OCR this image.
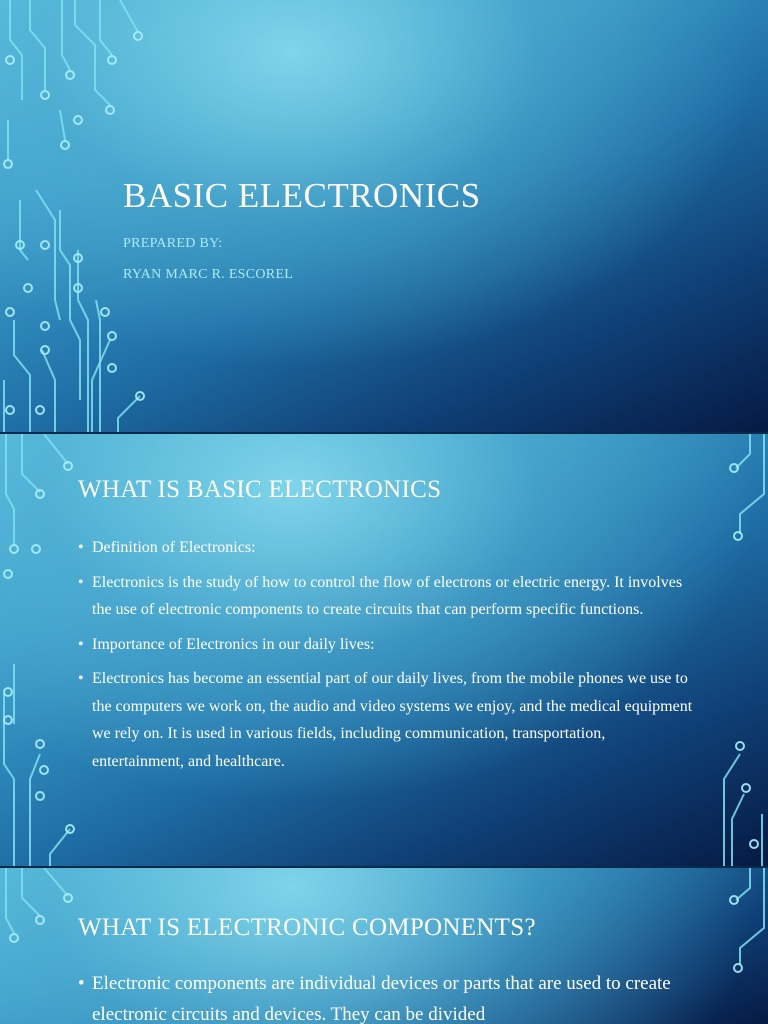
BASIC ELECTRONICS

PREPARED BY:

RYAN MARC R. ESCOREL

WHAT IS BASIC ELECTRONICS
• Definition of Electronics:
• Electronics is the study of how to control the flow of electrons or electric energy. It involves the use of electronic components to create circuits that can perform specific functions.
• Importance of Electronics in our daily lives:
• Electronics has become an essential part of our daily lives, from the mobile phones we use to the computers we work on, the audio and video systems we enjoy, and the medical equipment we rely on. It is used in various fields, including communication, transportation, entertainment, and healthcare.
WHAT IS ELECTRONIC COMPONENTS?
• Electronic components are individual devices or parts that are used to create electronic circuits and devices. They can be divided
